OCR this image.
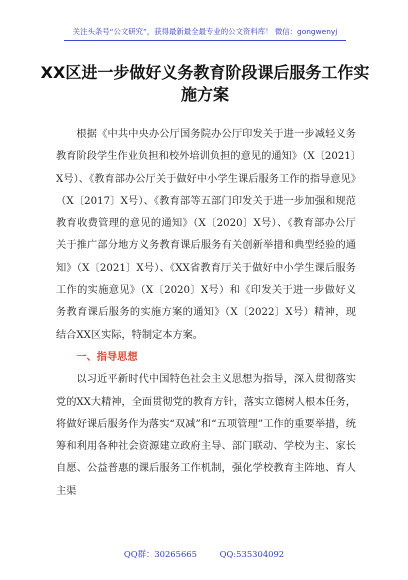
关注头条号“公文研究”，获得最新最全最专业的公文资料库！ 微信：gongwenyj
XX区进一步做好义务教育阶段课后服务工作实施方案

根据《中共中央办公厅国务院办公厅印发关于进一步减轻义务教育阶段学生作业负担和校外培训负担的意见的通知》（X〔2021〕X号）、《教育部办公厅关于做好中小学生课后服务工作的指导意见》（X〔2017〕X号）、《教育部等五部门印发关于进一步加强和规范教育收费管理的意见的通知》（X〔2020〕X号）、《教育部办公厅关于推广部分地方义务教育课后服务有关创新举措和典型经验的通知》（X〔2021〕X号）、《XX省教育厅关于做好中小学生课后服务工作的实施意见》（X〔2020〕X号）和《印发关于进一步做好义务教育课后服务的实施方案的通知》（X〔2022〕X号）精神，现结合XX区实际，特制定本方案。

一、指导思想

以习近平新时代中国特色社会主义思想为指导，深入贯彻落实党的XX大精神，全面贯彻党的教育方针，落实立德树人根本任务，将做好课后服务作为落实“双减”和“五项管理”工作的重要举措，统筹和利用各种社会资源建立政府主导、部门联动、学校为主、家长自愿、公益普惠的课后服务工作机制，强化学校教育主阵地、育人主渠

QQ群：30265665	QQ:535304092
